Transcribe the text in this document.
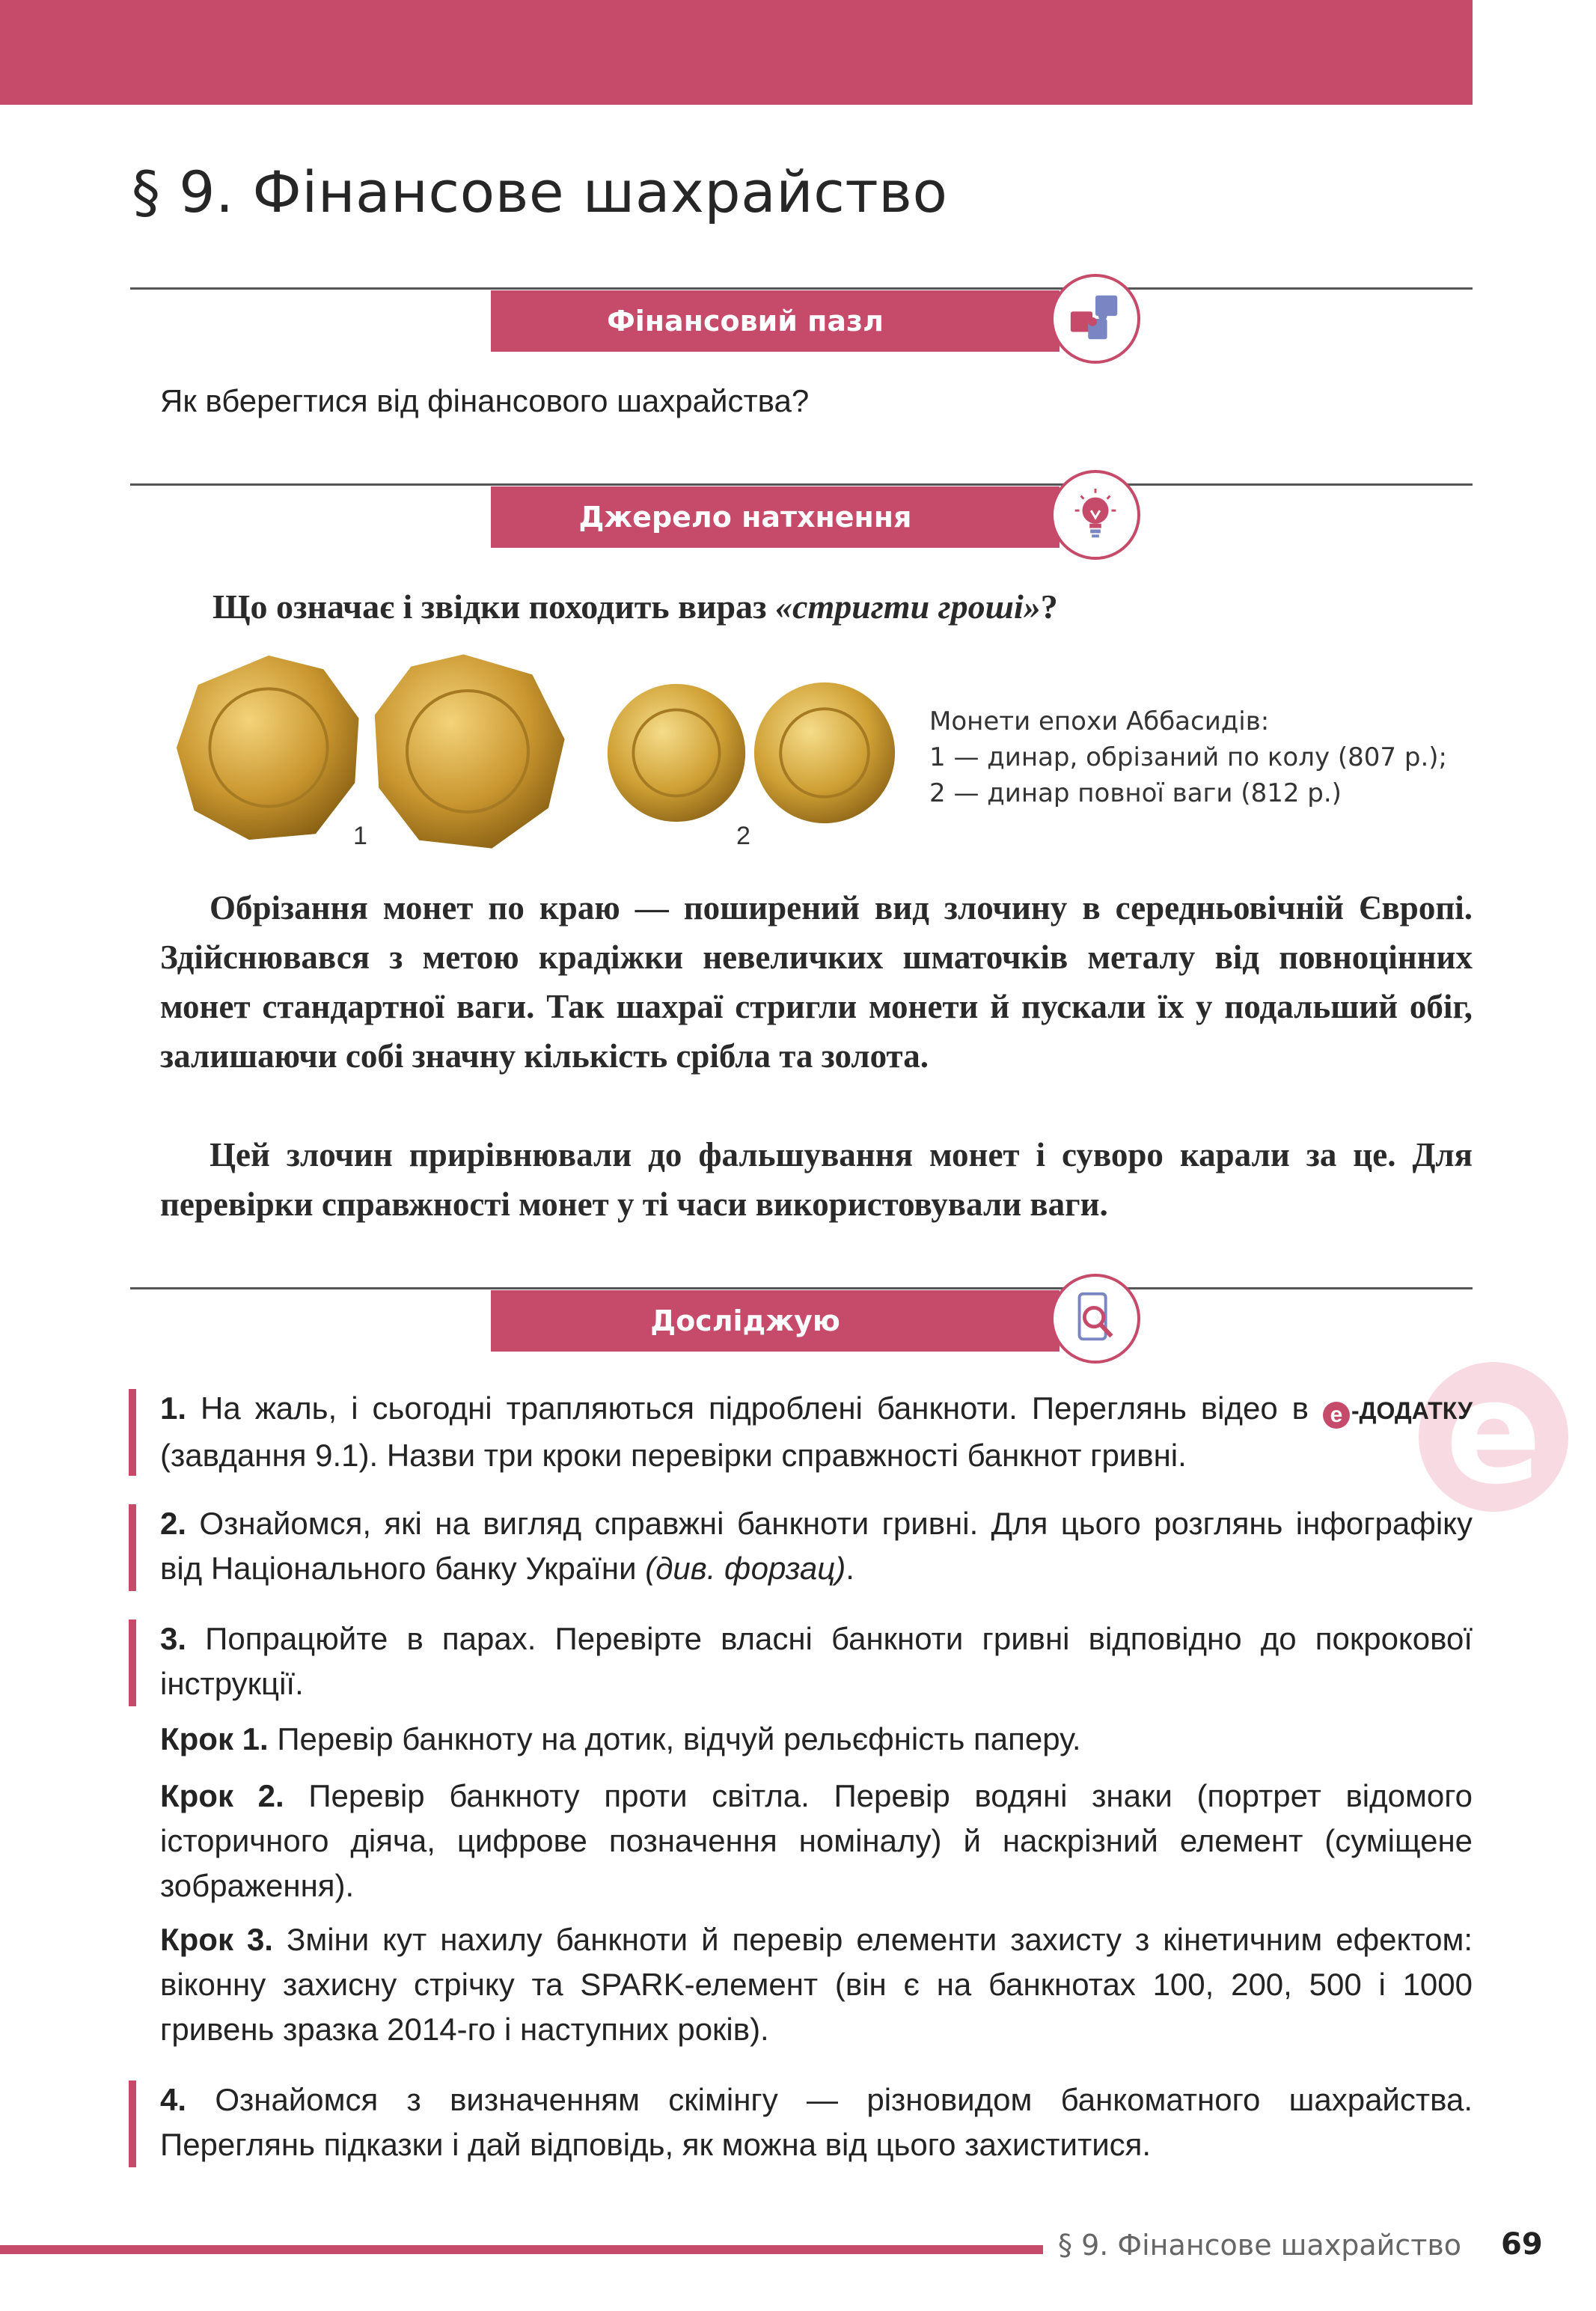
§ 9. Фінансове шахрайство
Фінансовий пазл
Як вберегтися від фінансового шахрайства?
Джерело натхнення
Що означає і звідки походить вираз «стригти гроші»?
1	2
Монети епохи Аббасидів:
1 — динар, обрізаний по колу (807 р.);
2 — динар повної ваги (812 р.)

Обрізання монет по краю — поширений вид злочину в середньовічній Європі. Здійснювався з метою крадіжки невеличких шматочків металу від повноцінних монет стандартної ваги. Так шахраї стригли монети й пускали їх у подальший обіг, залишаючи собі значну кількість срібла та золота.

Цей злочин прирівнювали до фальшування монет і суворо карали за це. Для перевірки справжності монет у ті часи використовували ваги.

Досліджую
е

1. На жаль, і сьогодні трапляються підроблені банкноти. Переглянь відео в е -ДОДАТКУ (завдання 9.1). Назви три кроки перевірки справжності банкнот гривні.

2. Ознайомся, які на вигляд справжні банкноти гривні. Для цього розглянь інфографіку від Національного банку України (див. форзац).

3. Попрацюйте в парах. Перевірте власні банкноти гривні відповідно до покрокової інструкції.

Крок 1. Перевір банкноту на дотик, відчуй рельєфність паперу.

Крок 2. Перевір банкноту проти світла. Перевір водяні знаки (портрет відомого історичного діяча, цифрове позначення номіналу) й наскрізний елемент (суміщене зображення).

Крок 3. Зміни кут нахилу банкноти й перевір елементи захисту з кінетичним ефектом: віконну захисну стрічку та SPARK-елемент (він є на банкнотах 100, 200, 500 і 1000 гривень зразка 2014-го і наступних років).

4. Ознайомся з визначенням скімінгу — різновидом банкоматного шахрайства. Переглянь підказки і дай відповідь, як можна від цього захиститися.

§ 9. Фінансове шахрайство 69
